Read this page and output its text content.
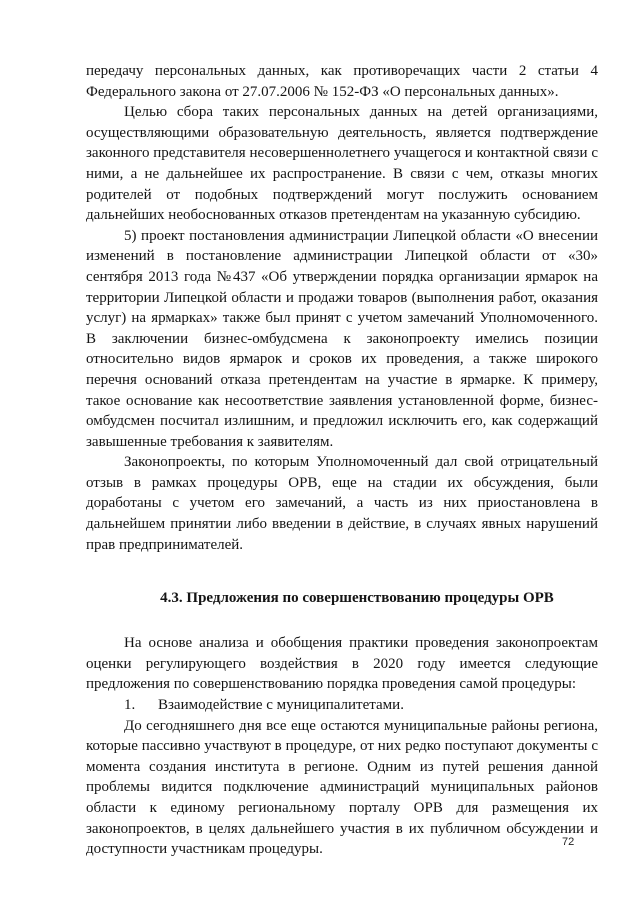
передачу персональных данных, как противоречащих части 2 статьи 4 Федерального закона от 27.07.2006 № 152-ФЗ «О персональных данных».

Целью сбора таких персональных данных на детей организациями, осуществляющими образовательную деятельность, является подтверждение законного представителя несовершеннолетнего учащегося и контактной связи с ними, а не дальнейшее их распространение. В связи с чем, отказы многих родителей от подобных подтверждений могут послужить основанием дальнейших необоснованных отказов претендентам на указанную субсидию.

5) проект постановления администрации Липецкой области «О внесении изменений в постановление администрации Липецкой области от «30» сентября 2013 года №437 «Об утверждении порядка организации ярмарок на территории Липецкой области и продажи товаров (выполнения работ, оказания услуг) на ярмарках» также был принят с учетом замечаний Уполномоченного. В заключении бизнес-омбудсмена к законопроекту имелись позиции относительно видов ярмарок и сроков их проведения, а также широкого перечня оснований отказа претендентам на участие в ярмарке. К примеру, такое основание как несоответствие заявления установленной форме, бизнес-омбудсмен посчитал излишним, и предложил исключить его, как содержащий завышенные требования к заявителям.

Законопроекты, по которым Уполномоченный дал свой отрицательный отзыв в рамках процедуры ОРВ, еще на стадии их обсуждения, были доработаны с учетом его замечаний, а часть из них приостановлена в дальнейшем принятии либо введении в действие, в случаях явных нарушений прав предпринимателей.

4.3. Предложения по совершенствованию процедуры ОРВ

На основе анализа и обобщения практики проведения законопроектам оценки регулирующего воздействия в 2020 году имеется следующие предложения по совершенствованию порядка проведения самой процедуры:

1. Взаимодействие с муниципалитетами.

До сегодняшнего дня все еще остаются муниципальные районы региона, которые пассивно участвуют в процедуре, от них редко поступают документы с момента создания института в регионе. Одним из путей решения данной проблемы видится подключение администраций муниципальных районов области к единому региональному порталу ОРВ для размещения их законопроектов, в целях дальнейшего участия в их публичном обсуждении и доступности участникам процедуры.	72
